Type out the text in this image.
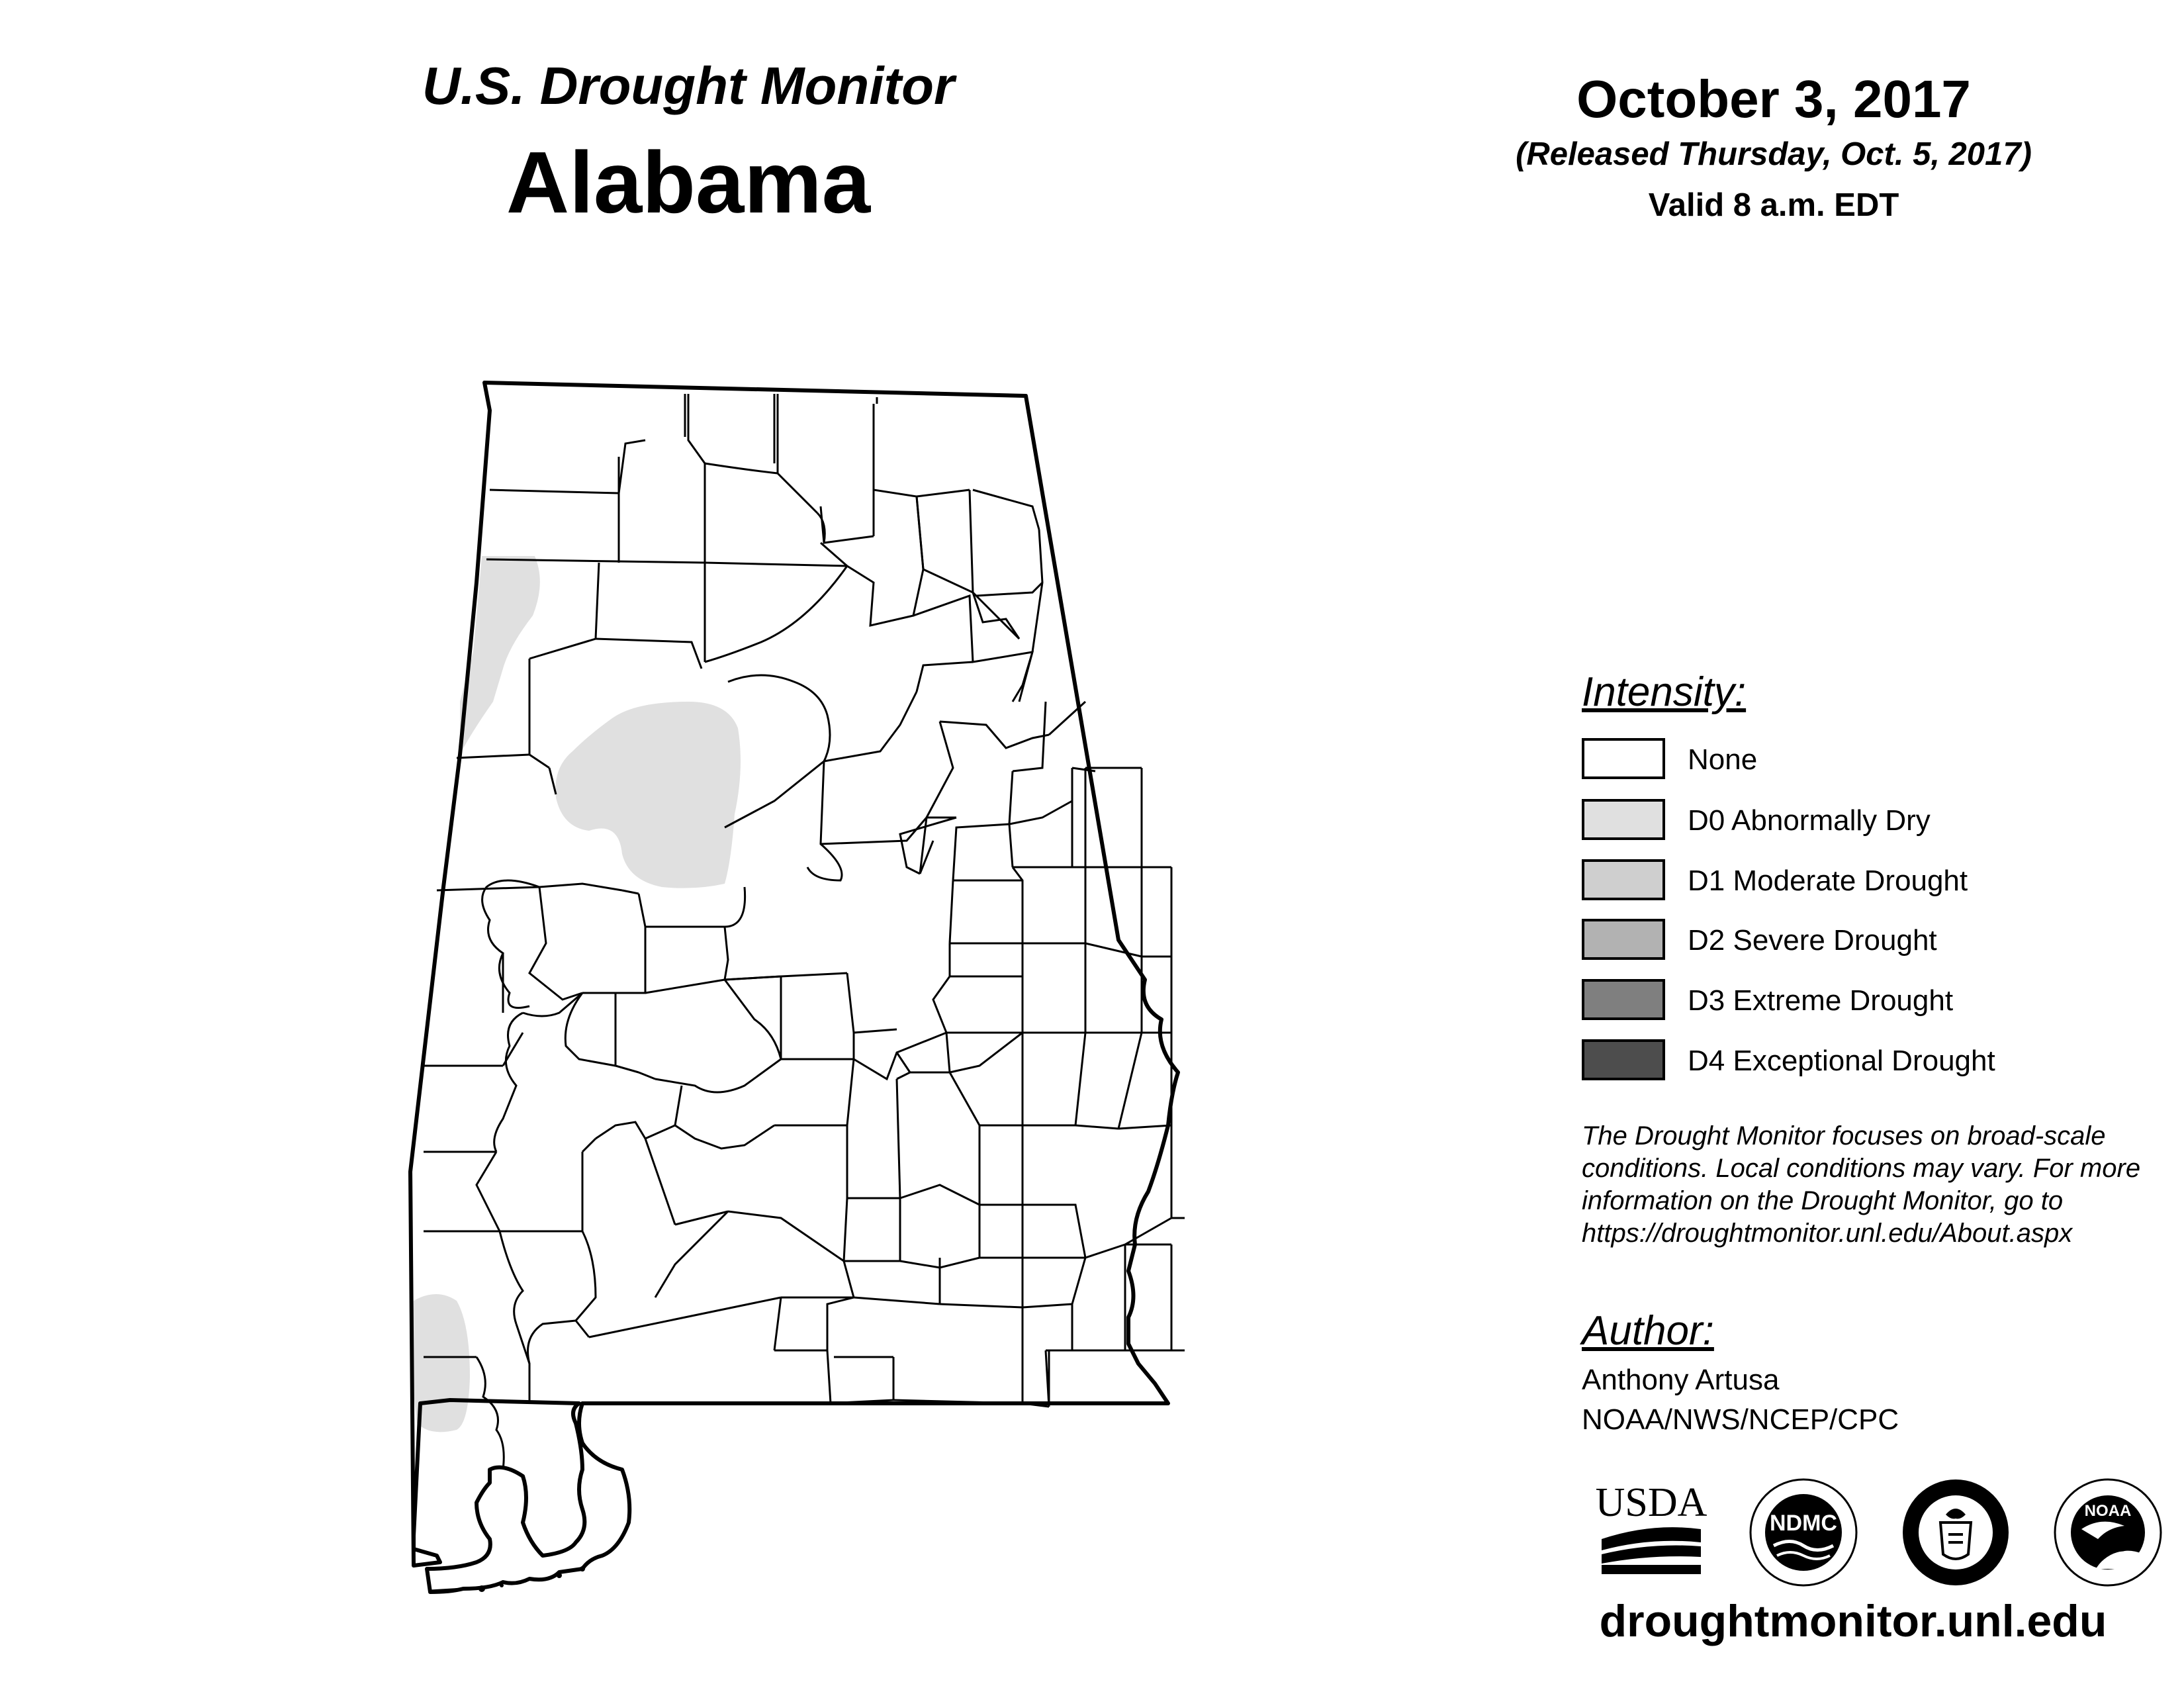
U.S. Drought Monitor
Alabama
October 3, 2017
(Released Thursday, Oct. 5, 2017)
Valid 8 a.m. EDT
Intensity:
None
D0 Abnormally Dry
D1 Moderate Drought
D2 Severe Drought
D3 Extreme Drought
D4 Exceptional Drought
The Drought Monitor focuses on broad-scale conditions. Local conditions may vary. For more information on the Drought Monitor, go to https://droughtmonitor.unl.edu/About.aspx
Author:
Anthony Artusa
NOAA/NWS/NCEP/CPC
USDA	NDMC	NOAA
droughtmonitor.unl.edu
